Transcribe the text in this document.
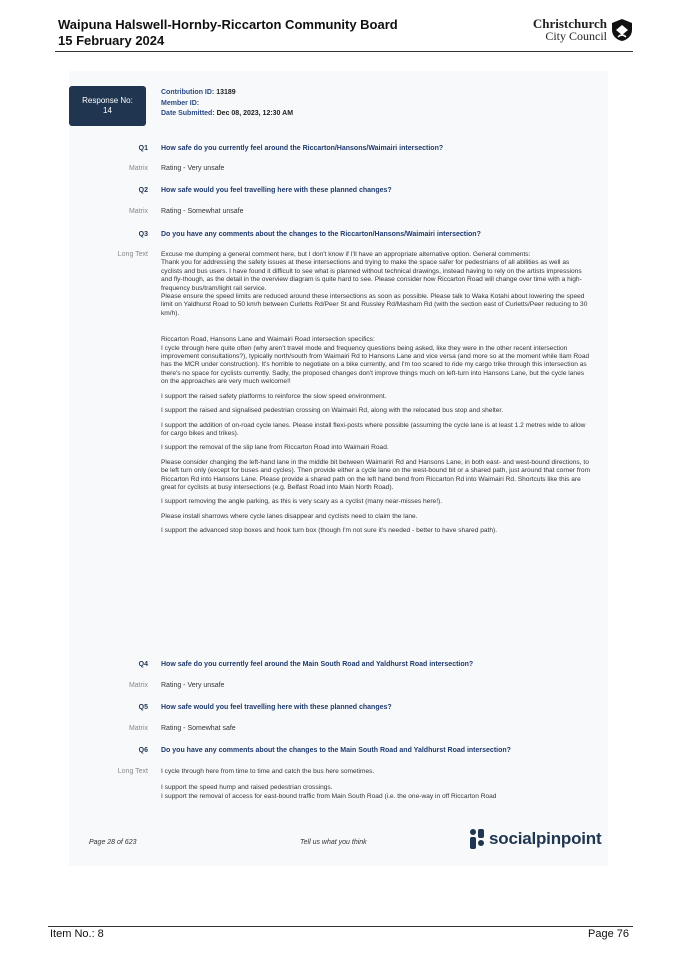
Waipuna Halswell-Hornby-Riccarton Community Board
15 February 2024
Christchurch
City Council
Response No:
14
Contribution ID: 13189
Member ID:
Date Submitted: Dec 08, 2023, 12:30 AM
Q1 How safe do you currently feel around the Riccarton/Hansons/Waimairi intersection?
Matrix Rating - Very unsafe
Q2 How safe would you feel travelling here with these planned changes?
Matrix Rating - Somewhat unsafe
Q3 Do you have any comments about the changes to the Riccarton/Hansons/Waimairi intersection?
Long Text Excuse me dumping a general comment here, but I don't know if I'll have an appropriate alternative option. General comments:
Thank you for addressing the safety issues at these intersections and trying to make the space safer for pedestrians of all abilities as well as cyclists and bus users. I have found it difficult to see what is planned without technical drawings, instead having to rely on the artists impressions and fly-though, as the detail in the overview diagram is quite hard to see. Please consider how Riccarton Road will change over time with a high-frequency bus/tram/light rail service.
Please ensure the speed limits are reduced around these intersections as soon as possible. Please talk to Waka Kotahi about lowering the speed limit on Yaldhurst Road to 50 km/h between Curletts Rd/Peer St and Russley Rd/Masham Rd (with the section east of Curletts/Peer reducing to 30 km/h).

Riccarton Road, Hansons Lane and Waimairi Road intersection specifics:
I cycle through here quite often (why aren't travel mode and frequency questions being asked, like they were in the other recent intersection improvement consultations?), typically north/south from Waimairi Rd to Hansons Lane and vice versa (and more so at the moment while Ilam Road has the MCR under construction). It's horrible to negotiate on a bike currently, and I'm too scared to ride my cargo trike through this intersection as there's no space for cyclists currently. Sadly, the proposed changes don't improve things much on left-turn into Hansons Lane, but the cycle lanes on the approaches are very much welcome!!

I support the raised safety platforms to reinforce the slow speed environment.

I support the raised and signalised pedestrian crossing on Waimairi Rd, along with the relocated bus stop and shelter.

I support the addition of on-road cycle lanes. Please install flexi-posts where possible (assuming the cycle lane is at least 1.2 metres wide to allow for cargo bikes and trikes).

I support the removal of the slip lane from Riccarton Road into Waimairi Road.

Please consider changing the left-hand lane in the middle bit between Waimariri Rd and Hansons Lane, in both east- and west-bound directions, to be left turn only (except for buses and cycles). Then provide either a cycle lane on the west-bound bit or a shared path, just around that corner from Riccarton Rd into Hansons Lane. Please provide a shared path on the left hand bend from Riccarton Rd into Waimairi Rd. Shortcuts like this are great for cyclists at busy intersections (e.g. Belfast Road into Main North Road).

I support removing the angle parking, as this is very scary as a cyclist (many near-misses here!).

Please install sharrows where cycle lanes disappear and cyclists need to claim the lane.

I support the advanced stop boxes and hook turn box (though I'm not sure it's needed - better to have shared path).

Q4 How safe do you currently feel around the Main South Road and Yaldhurst Road intersection?
Matrix Rating - Very unsafe
Q5 How safe would you feel travelling here with these planned changes?
Matrix Rating - Somewhat safe
Q6 Do you have any comments about the changes to the Main South Road and Yaldhurst Road intersection?
Long Text I cycle through here from time to time and catch the bus here sometimes.

I support the speed hump and raised pedestrian crossings.
I support the removal of access for east-bound traffic from Main South Road (i.e. the one-way in off Riccarton Road

Page 28 of 623	Tell us what you think	socialpinpoint
Item No.: 8	Page 76
